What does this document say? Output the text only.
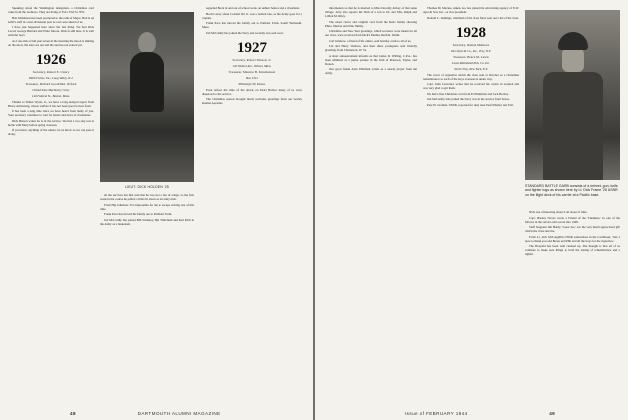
Speaking about the Washington delegation, a Christmas card came from the Ludlows. They are living at 3521 33rd St. NW.

Bob Mckinnon has been promoted to the rank of Major. Bob is on Gibb's staff in a non-divisional post as over seas ahead of us.

I have just happened here since the last thing. We had Dick Lacsil, George Bernard and Elliot Moore, Dick is still here. It is well with the boys.

As I rise this at ball past seven in the morning the moon is shining on the snow, the stars are out and the sun has not started yet.

1926
Secretary, Robert E. Cleary
Webb Farms, Inc., Long Valley, N.J.
Treasurer, Richard Goodchild, Oxford
United Shoe Machinery Corp.
140 Federal St., Boston, Mass.

Thanks to Walter Wyatt, Jr., we have a long-delayed report from Bruce Armstrong, whose welfare it has not been good to hear from.

It has been a long time since we have heard from many of you. Your secretary continues to wait for letters and news of classmates.

Dick Burton writes he is in the service. We had a two-day rest at home with Mary before going overseas.

If you know anything of the others, let us know so we can pass it along.

LIEUT. DICK HOLDEN '25

all the services but that said that he was not a fan of wings, so the first week in the course he pulled a little bit about as an army man.

From Hip Johnston: It is impossible for me to escape writing one of this time.

Frank Pace has moved his family out to Pallisier Farm.

Jud McCarthy has joined Bill Stickney, Hal Tittlefield and Red Rich in the Army as a lieutenant.

regarded Bock in and out of school work, an unhurt Senior and a classmate.

Hoch's story about Colonel Orr Jr. was a natural tale, as the Army goes for a captain.

Frank Pace has moved his family out to Pallisier Farm, South Yarmouth, Mass.

Jud McCarthy has joined the Navy and recently was sent west.

1927
Secretary, Robert Stinson, Jr.
120 Walnut Ave., Wilson, Mass.
Treasurer, Maurice B. Kinsmanson
Box 1312
Pittsburgh 30, Penna.

Even before the time of the attack on Pearl Harbor many of us were dispersed to the service.

The Christmas season brought much welcome greetings from our twenty Roman Apostles.

48	DARTMOUTH ALUMNI MAGAZINE

information so that he is married to Miss Dorothy Abbey of that same village. Jerry also reports the birth of a son to Dr. and Mrs. Ralph and Lillian M. Riley.

The usual clever and original card from the Rens family showing Pluto, Marion and little Jimmy.

Christmas and New Year greetings, which we know were meant for all our class, were received from Dick's Mother, Ruth R. Smith.

Carl Gilmore, a friend of the others, sent holiday cards to all of us.

Lib and Harry Wallace, and their three youngsters sent friendly greetings from Charleston, W. Va.

A short announcement informs us that James D. Willing, C.P.A., has been admitted as a junior partner in the firm of Peterson, Taylor, and Donon.

Our good friend Alan Whitman writes as a steady player from the Army.

Thomas M. Mackie, Aiken, Ga. has joined the advertising agency of N.W. Ayer & Son, Inc., as vice president.

Donald C. Jennings, chairman of the class fund, sent out a list of the class.

1928
Secretary, Osmon Mathews
Van Dyck & Co., Inc., Troy, N.Y.
Treasurer, Bruce M. Lewis
Lewis Rhinebold Pub. Co. Inc.
North Troy, New York, N.Y.

The cover of cigarettes which the class sent at October as a Christmas remembrance to each of the boys overseas is under way.

Capt. John Lawrence writes that he received his carton in London and was very glad to get them.

We had a fine Christmas card from Ed Hamilton and Jack Hoxley.

Jud McCarthy who joined the Navy was in the service from Texas.

Pete W. Grannis, USNR, reported for duty near Pearl Harbor last Fall.

STANDARD BATTLE GARB consists of a helmet, gun, knife and fighter togs as shown here by Lt. Dick Frame '28 USNR on the flight deck of his carrier at a Pacific base.

Nick one of knowing about it all about of time.

Capt. Barney Noves wrote a Friend of the 'Chemists,' in one of the fellows in the service who wrote into 1928.

Staff Sergeant Jim Hardy, 'Great Joe,' ace the very much appreciated gift which the class sent me.

From Lt. Jack McLaughlin USNR somewhere in the Caribbean, 'Just a note to thank you and Boxer and Phil and all the boys for the cigarettes.'

The Hospital has been well cleaned up. The thought is that all of us continue to make sure things to hold the lasting of remembrance and a lighter.

Issue of FEBRUARY 1944	49
